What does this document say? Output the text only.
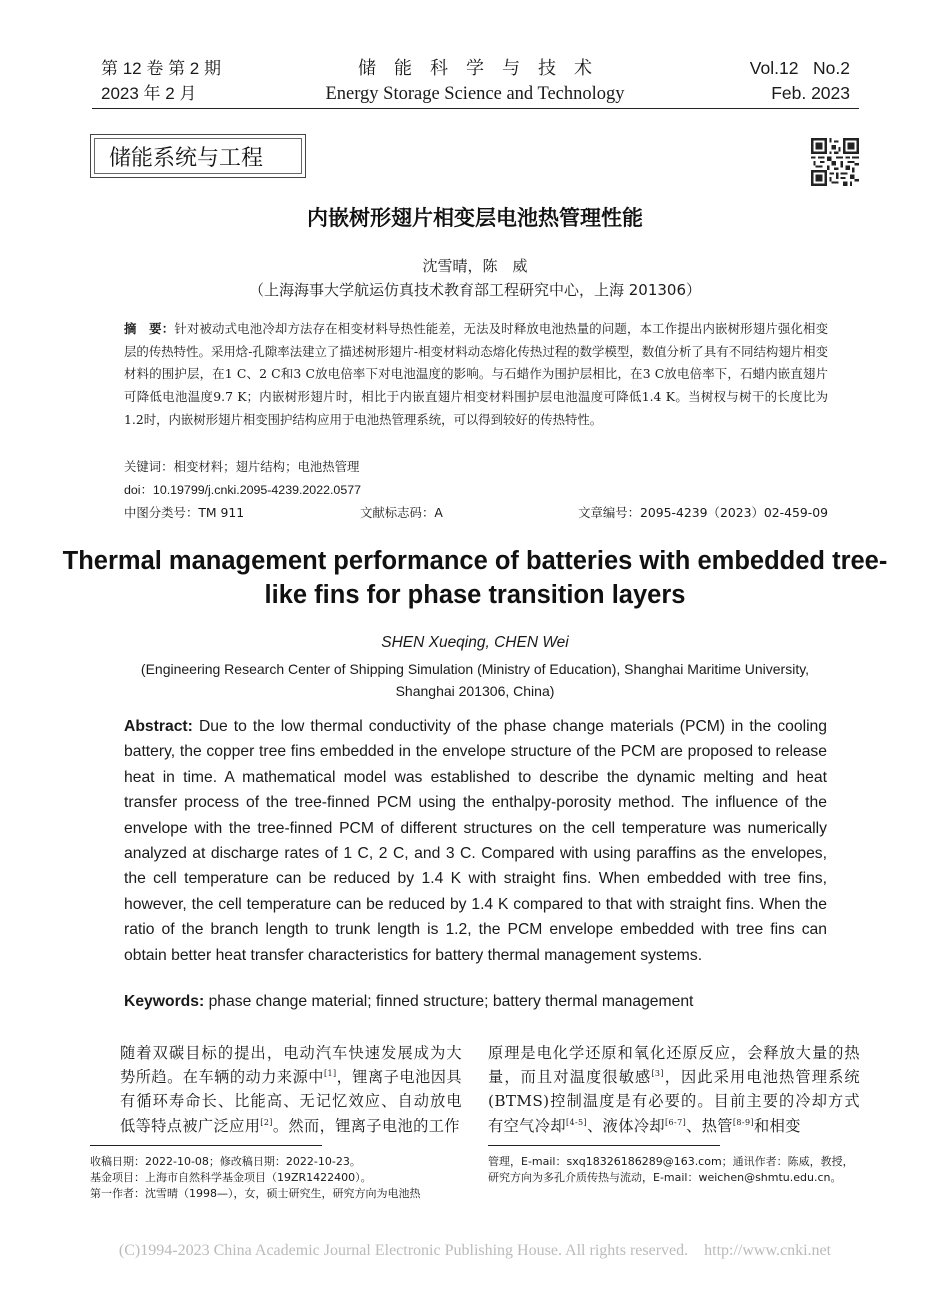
第 12 卷 第 2 期
2023 年 2 月
储能科学与技术
Energy Storage Science and Technology
Vol.12   No.2
Feb. 2023
储能系统与工程
内嵌树形翅片相变层电池热管理性能
沈雪晴，陈　威
（上海海事大学航运仿真技术教育部工程研究中心，上海 201306）
摘　要：针对被动式电池冷却方法存在相变材料导热性能差，无法及时释放电池热量的问题，本工作提出内嵌树形翅片强化相变层的传热特性。采用焓-孔隙率法建立了描述树形翅片-相变材料动态熔化传热过程的数学模型，数值分析了具有不同结构翅片相变材料的围护层，在1 C、2 C和3 C放电倍率下对电池温度的影响。与石蜡作为围护层相比，在3 C放电倍率下，石蜡内嵌直翅片可降低电池温度9.7 K；内嵌树形翅片时，相比于内嵌直翅片相变材料围护层电池温度可降低1.4 K。当树杈与树干的长度比为1.2时，内嵌树形翅片相变围护结构应用于电池热管理系统，可以得到较好的传热特性。
关键词：相变材料；翅片结构；电池热管理
doi：10.19799/j.cnki.2095-4239.2022.0577
中图分类号：TM 911	文献标志码：A	文章编号：2095-4239（2023）02-459-09
Thermal management performance of batteries with embedded tree-like fins for phase transition layers
SHEN Xueqing, CHEN Wei
(Engineering Research Center of Shipping Simulation (Ministry of Education), Shanghai Maritime University,
Shanghai 201306, China)
Abstract: Due to the low thermal conductivity of the phase change materials (PCM) in the cooling battery, the copper tree fins embedded in the envelope structure of the PCM are proposed to release heat in time. A mathematical model was established to describe the dynamic melting and heat transfer process of the tree-finned PCM using the enthalpy-porosity method. The influence of the envelope with the tree-finned PCM of different structures on the cell temperature was numerically analyzed at discharge rates of 1 C, 2 C, and 3 C. Compared with using paraffins as the envelopes, the cell temperature can be reduced by 1.4 K with straight fins. When embedded with tree fins, however, the cell temperature can be reduced by 1.4 K compared to that with straight fins. When the ratio of the branch length to trunk length is 1.2, the PCM envelope embedded with tree fins can obtain better heat transfer characteristics for battery thermal management systems.
Keywords: phase change material; finned structure; battery thermal management
随着双碳目标的提出，电动汽车快速发展成为大势所趋。在车辆的动力来源中[1]，锂离子电池因具有循环寿命长、比能高、无记忆效应、自动放电低等特点被广泛应用[2]。然而，锂离子电池的工作
原理是电化学还原和氧化还原反应，会释放大量的热量，而且对温度很敏感[3]，因此采用电池热管理系统(BTMS)控制温度是有必要的。目前主要的冷却方式有空气冷却[4-5]、液体冷却[6-7]、热管[8-9]和相变
收稿日期：2022-10-08；修改稿日期：2022-10-23。
基金项目：上海市自然科学基金项目（19ZR1422400）。
第一作者：沈雪晴（1998—），女，硕士研究生，研究方向为电池热
管理，E-mail：sxq18326186289@163.com；通讯作者：陈威，教授，
研究方向为多孔介质传热与流动，E-mail：weichen@shmtu.edu.cn。
(C)1994-2023 China Academic Journal Electronic Publishing House. All rights reserved. http://www.cnki.net
